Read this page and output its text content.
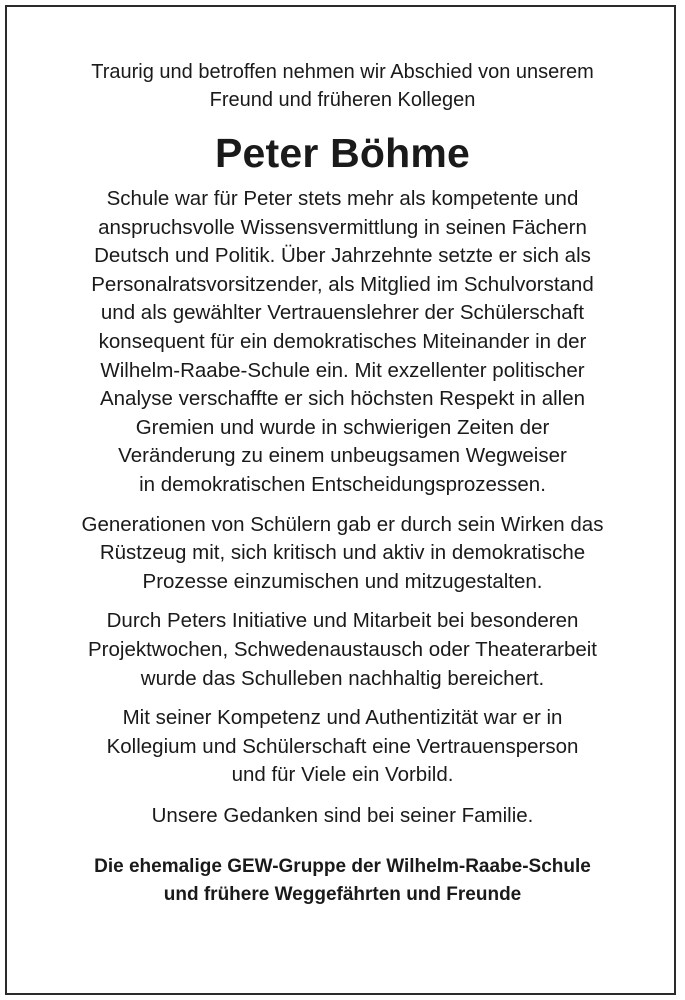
Traurig und betroffen nehmen wir Abschied von unserem
Freund und früheren Kollegen
Peter Böhme
Schule war für Peter stets mehr als kompetente und
anspruchsvolle Wissensvermittlung in seinen Fächern
Deutsch und Politik. Über Jahrzehnte setzte er sich als
Personalratsvorsitzender, als Mitglied im Schulvorstand
und als gewählter Vertrauenslehrer der Schülerschaft
konsequent für ein demokratisches Miteinander in der
Wilhelm-Raabe-Schule ein. Mit exzellenter politischer
Analyse verschaffte er sich höchsten Respekt in allen
Gremien und wurde in schwierigen Zeiten der
Veränderung zu einem unbeugsamen Wegweiser
in demokratischen Entscheidungsprozessen.
Generationen von Schülern gab er durch sein Wirken das
Rüstzeug mit, sich kritisch und aktiv in demokratische
Prozesse einzumischen und mitzugestalten.
Durch Peters Initiative und Mitarbeit bei besonderen
Projektwochen, Schwedenaustausch oder Theaterarbeit
wurde das Schulleben nachhaltig bereichert.
Mit seiner Kompetenz und Authentizität war er in
Kollegium und Schülerschaft eine Vertrauensperson
und für Viele ein Vorbild.
Unsere Gedanken sind bei seiner Familie.
Die ehemalige GEW-Gruppe der Wilhelm-Raabe-Schule
und frühere Weggefährten und Freunde
